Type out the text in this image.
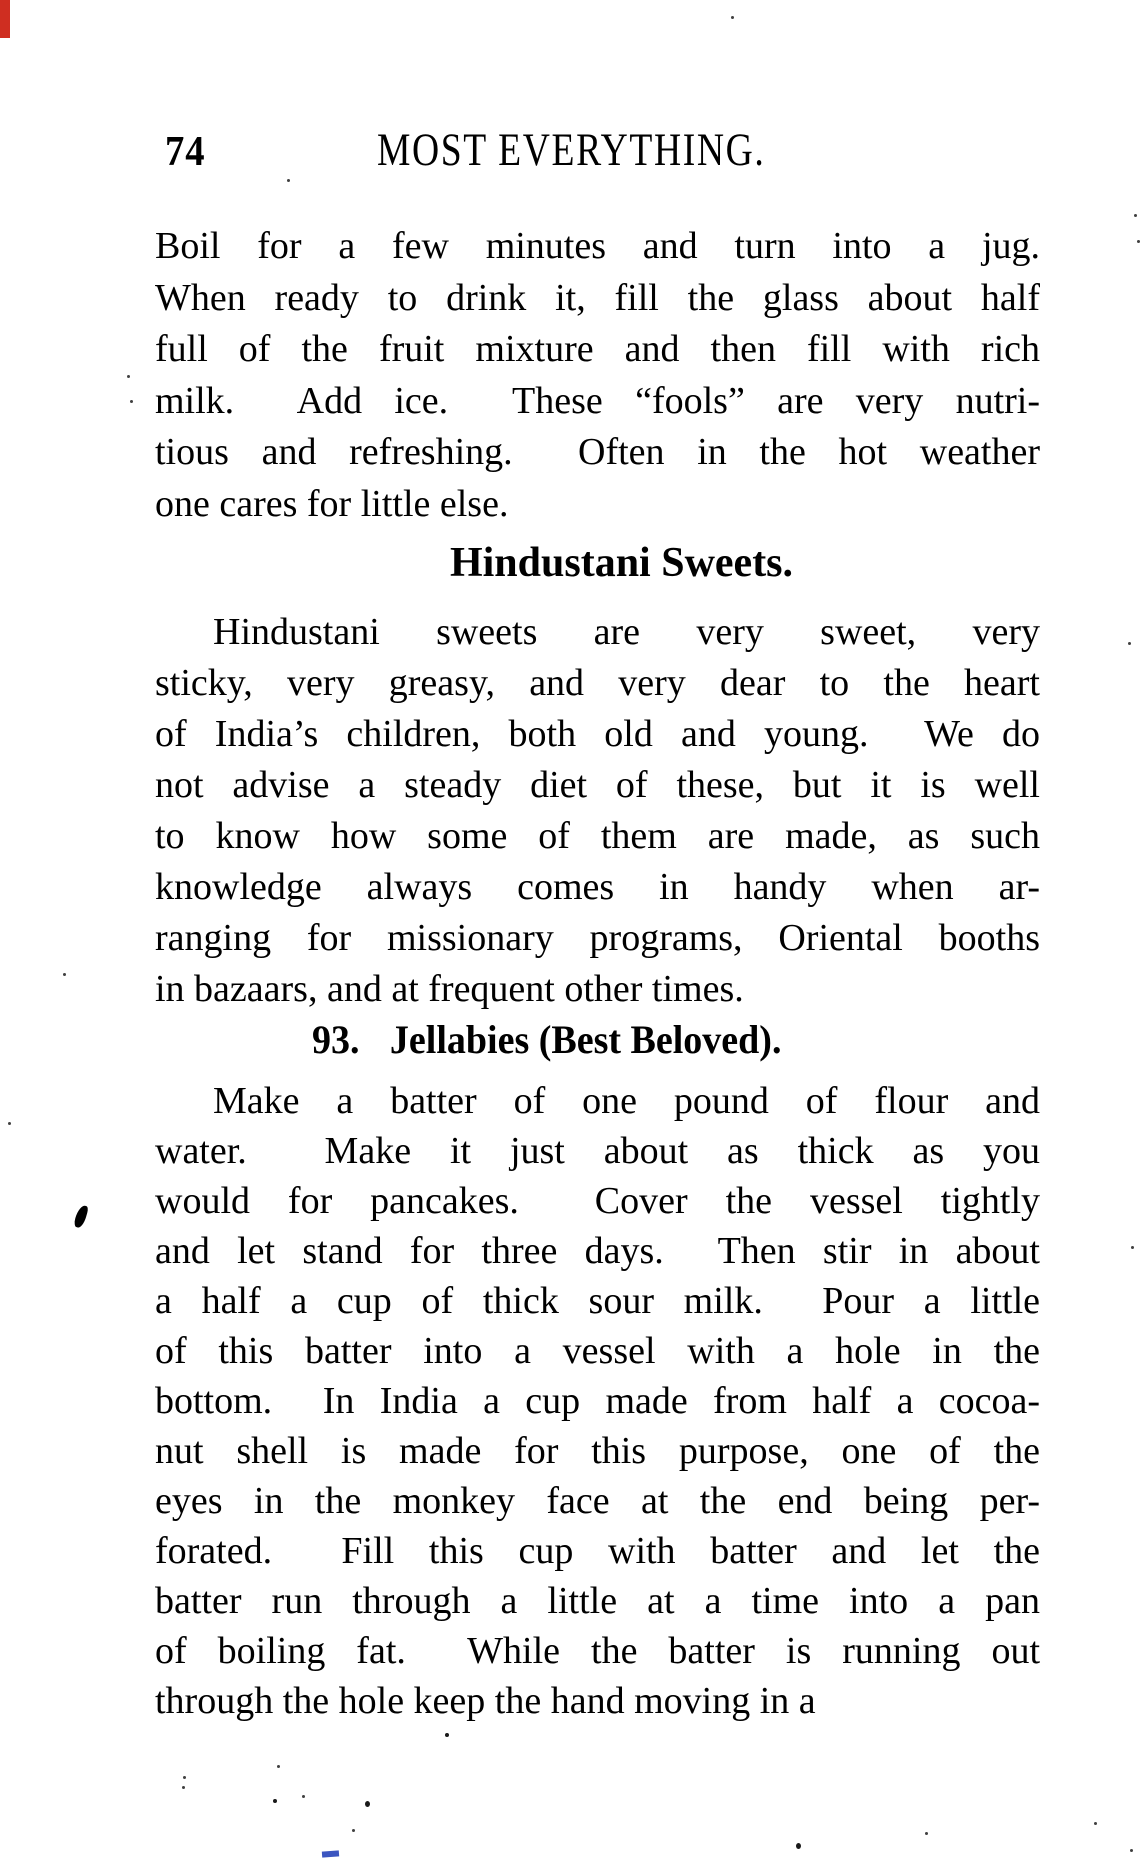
74	MOST EVERYTHING.
Boil for a few minutes and turn into a jug.
When ready to drink it, fill the glass about half
full of the fruit mixture and then fill with rich
milk.  Add ice.  These “fools” are very nutri-
tious and refreshing.  Often in the hot weather
one cares for little else.
Hindustani Sweets.
Hindustani sweets are very sweet, very
sticky, very greasy, and very dear to the heart
of India’s children, both old and young.  We do
not advise a steady diet of these, but it is well
to know how some of them are made, as such
knowledge always comes in handy when ar-
ranging for missionary programs, Oriental booths
in bazaars, and at frequent other times.
93. Jellabies (Best Beloved).
Make a batter of one pound of flour and
water.  Make it just about as thick as you
would for pancakes.  Cover the vessel tightly
and let stand for three days.  Then stir in about
a half a cup of thick sour milk.  Pour a little
of this batter into a vessel with a hole in the
bottom.  In India a cup made from half a cocoa-
nut shell is made for this purpose, one of the
eyes in the monkey face at the end being per-
forated.  Fill this cup with batter and let the
batter run through a little at a time into a pan
of boiling fat.  While the batter is running out
through the hole keep the hand moving in a
